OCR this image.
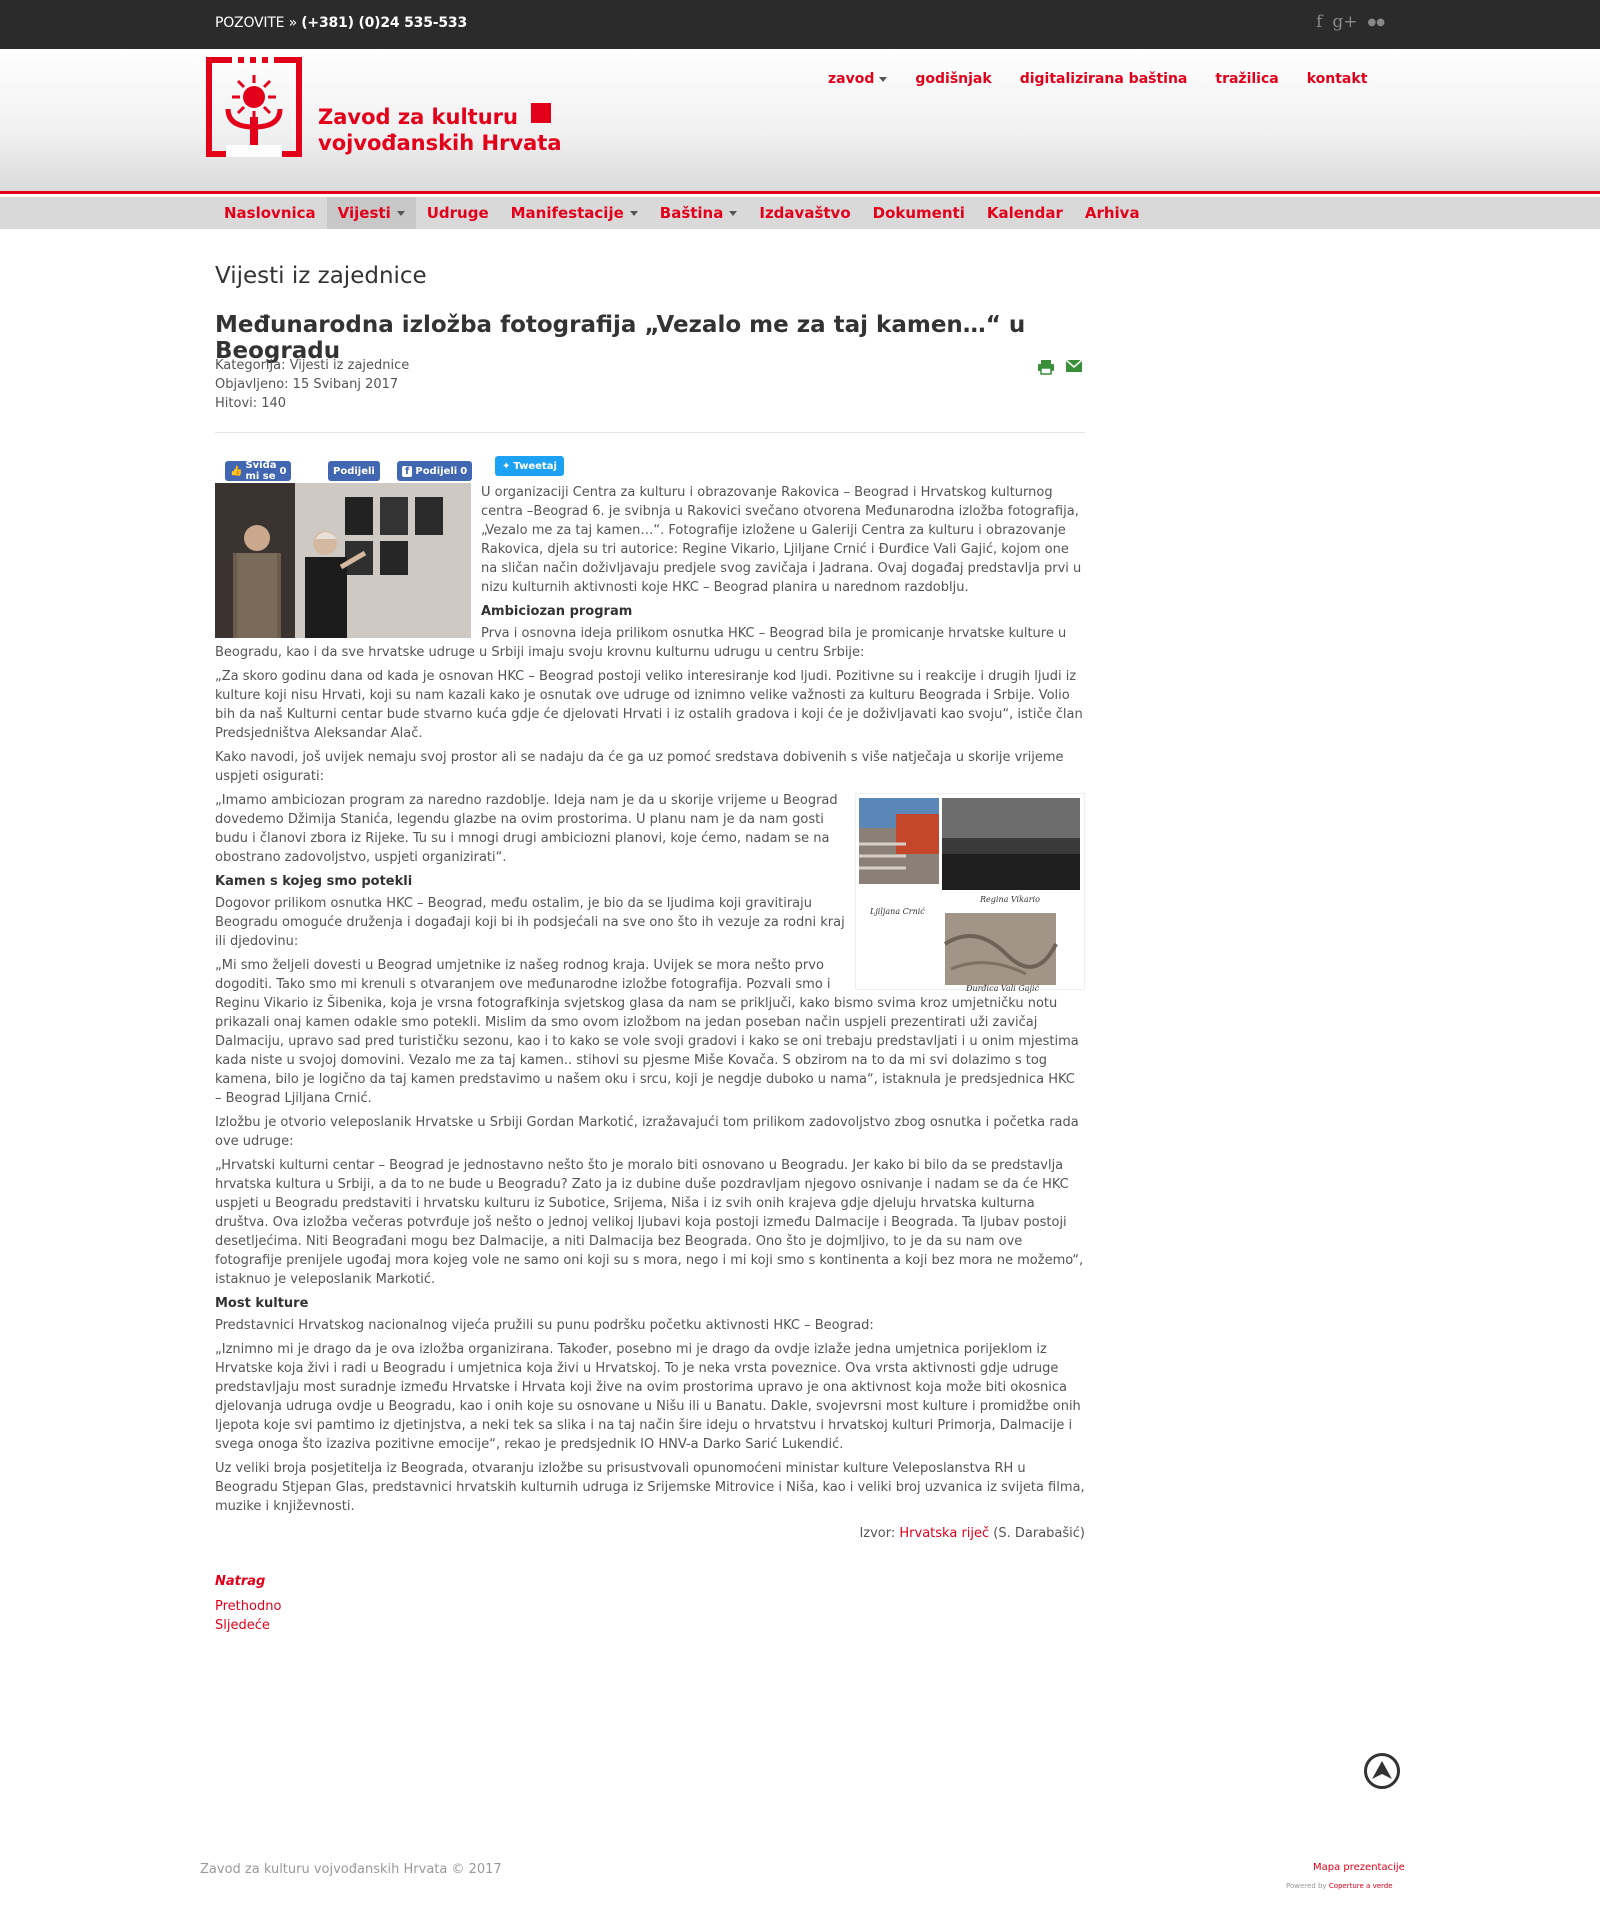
POZOVITE » (+381) (0)24 535-533	f g+ ●●
Zavod za kulturu
vojvođanskih Hrvata
zavod	godišnjak digitalizirana baština tražilica kontakt
Naslovnica Vijesti Udruge Manifestacije Baština Izdavaštvo Dokumenti Kalendar Arhiva
Vijesti iz zajednice
Međunarodna izložba fotografija „Vezalo me za taj kamen…“ u Beogradu
Kategorija: Vijesti iz zajednice
Objavljeno: 15 Svibanj 2017
Hitovi: 140
👍 Sviđa mi se 0	Podijeli	f Podijeli 0	✦ Tweetaj

U organizaciji Centra za kulturu i obrazovanje Rakovica – Beograd i Hrvatskog kulturnog centra –Beograd 6. je svibnja u Rakovici svečano otvorena Međunarodna izložba fotografija, „Vezalo me za taj kamen…“. Fotografije izložene u Galeriji Centra za kulturu i obrazovanje Rakovica, djela su tri autorice: Regine Vikario, Ljiljane Crnić i Đurđice Vali Gajić, kojom one na sličan način doživljavaju predjele svog zavičaja i Jadrana. Ovaj događaj predstavlja prvi u nizu kulturnih aktivnosti koje HKC – Beograd planira u narednom razdoblju.

Ambiciozan program

Prva i osnovna ideja prilikom osnutka HKC – Beograd bila je promicanje hrvatske kulture u Beogradu, kao i da sve hrvatske udruge u Srbiji imaju svoju krovnu kulturnu udrugu u centru Srbije:

„Za skoro godinu dana od kada je osnovan HKC – Beograd postoji veliko interesiranje kod ljudi. Pozitivne su i reakcije i drugih ljudi iz kulture koji nisu Hrvati, koji su nam kazali kako je osnutak ove udruge od iznimno velike važnosti za kulturu Beograda i Srbije. Volio bih da naš Kulturni centar bude stvarno kuća gdje će djelovati Hrvati i iz ostalih gradova i koji će je doživljavati kao svoju“, ističe član Predsjedništva Aleksandar Alač.

Kako navodi, još uvijek nemaju svoj prostor ali se nadaju da će ga uz pomoć sredstava dobivenih s više natječaja u skorije vrijeme uspjeti osigurati:

Ljiljana Crnić
Regina Vikario
Đurđica Vali Gajić

„Imamo ambiciozan program za naredno razdoblje. Ideja nam je da u skorije vrijeme u Beograd dovedemo Džimija Stanića, legendu glazbe na ovim prostorima. U planu nam je da nam gosti budu i članovi zbora iz Rijeke. Tu su i mnogi drugi ambiciozni planovi, koje ćemo, nadam se na obostrano zadovoljstvo, uspjeti organizirati“.

Kamen s kojeg smo potekli

Dogovor prilikom osnutka HKC – Beograd, među ostalim, je bio da se ljudima koji gravitiraju Beogradu omoguće druženja i događaji koji bi ih podsjećali na sve ono što ih vezuje za rodni kraj ili djedovinu:

„Mi smo željeli dovesti u Beograd umjetnike iz našeg rodnog kraja. Uvijek se mora nešto prvo dogoditi. Tako smo mi krenuli s otvaranjem ove međunarodne izložbe fotografija. Pozvali smo i Reginu Vikario iz Šibenika, koja je vrsna fotografkinja svjetskog glasa da nam se priključi, kako bismo svima kroz umjetničku notu prikazali onaj kamen odakle smo potekli. Mislim da smo ovom izložbom na jedan poseban način uspjeli prezentirati uži zavičaj Dalmaciju, upravo sad pred turističku sezonu, kao i to kako se vole svoji gradovi i kako se oni trebaju predstavljati i u onim mjestima kada niste u svojoj domovini. Vezalo me za taj kamen.. stihovi su pjesme Miše Kovača. S obzirom na to da mi svi dolazimo s tog kamena, bilo je logično da taj kamen predstavimo u našem oku i srcu, koji je negdje duboko u nama“, istaknula je predsjednica HKC – Beograd Ljiljana Crnić.

Izložbu je otvorio veleposlanik Hrvatske u Srbiji Gordan Markotić, izražavajući tom prilikom zadovoljstvo zbog osnutka i početka rada ove udruge:

„Hrvatski kulturni centar – Beograd je jednostavno nešto što je moralo biti osnovano u Beogradu. Jer kako bi bilo da se predstavlja hrvatska kultura u Srbiji, a da to ne bude u Beogradu? Zato ja iz dubine duše pozdravljam njegovo osnivanje i nadam se da će HKC uspjeti u Beogradu predstaviti i hrvatsku kulturu iz Subotice, Srijema, Niša i iz svih onih krajeva gdje djeluju hrvatska kulturna društva. Ova izložba večeras potvrđuje još nešto o jednoj velikoj ljubavi koja postoji između Dalmacije i Beograda. Ta ljubav postoji desetljećima. Niti Beograđani mogu bez Dalmacije, a niti Dalmacija bez Beograda. Ono što je dojmljivo, to je da su nam ove fotografije prenijele ugođaj mora kojeg vole ne samo oni koji su s mora, nego i mi koji smo s kontinenta a koji bez mora ne možemo“, istaknuo je veleposlanik Markotić.

Most kulture

Predstavnici Hrvatskog nacionalnog vijeća pružili su punu podršku početku aktivnosti HKC – Beograd:

„Iznimno mi je drago da je ova izložba organizirana. Također, posebno mi je drago da ovdje izlaže jedna umjetnica porijeklom iz Hrvatske koja živi i radi u Beogradu i umjetnica koja živi u Hrvatskoj. To je neka vrsta poveznice. Ova vrsta aktivnosti gdje udruge predstavljaju most suradnje između Hrvatske i Hrvata koji žive na ovim prostorima upravo je ona aktivnost koja može biti okosnica djelovanja udruga ovdje u Beogradu, kao i onih koje su osnovane u Nišu ili u Banatu. Dakle, svojevrsni most kulture i promidžbe onih ljepota koje svi pamtimo iz djetinjstva, a neki tek sa slika i na taj način šire ideju o hrvatstvu i hrvatskoj kulturi Primorja, Dalmacije i svega onoga što izaziva pozitivne emocije“, rekao je predsjednik IO HNV-a Darko Sarić Lukendić.

Uz veliki broja posjetitelja iz Beograda, otvaranju izložbe su prisustvovali opunomoćeni ministar kulture Veleposlanstva RH u Beogradu Stjepan Glas, predstavnici hrvatskih kulturnih udruga iz Srijemske Mitrovice i Niša, kao i veliki broj uzvanica iz svijeta filma, muzike i književnosti.

Izvor: Hrvatska riječ (S. Darabašić)
Natrag
Prethodno
Sljedeće
Zavod za kulturu vojvođanskih Hrvata © 2017	Mapa prezentacije
Powered by Coperture a verde
